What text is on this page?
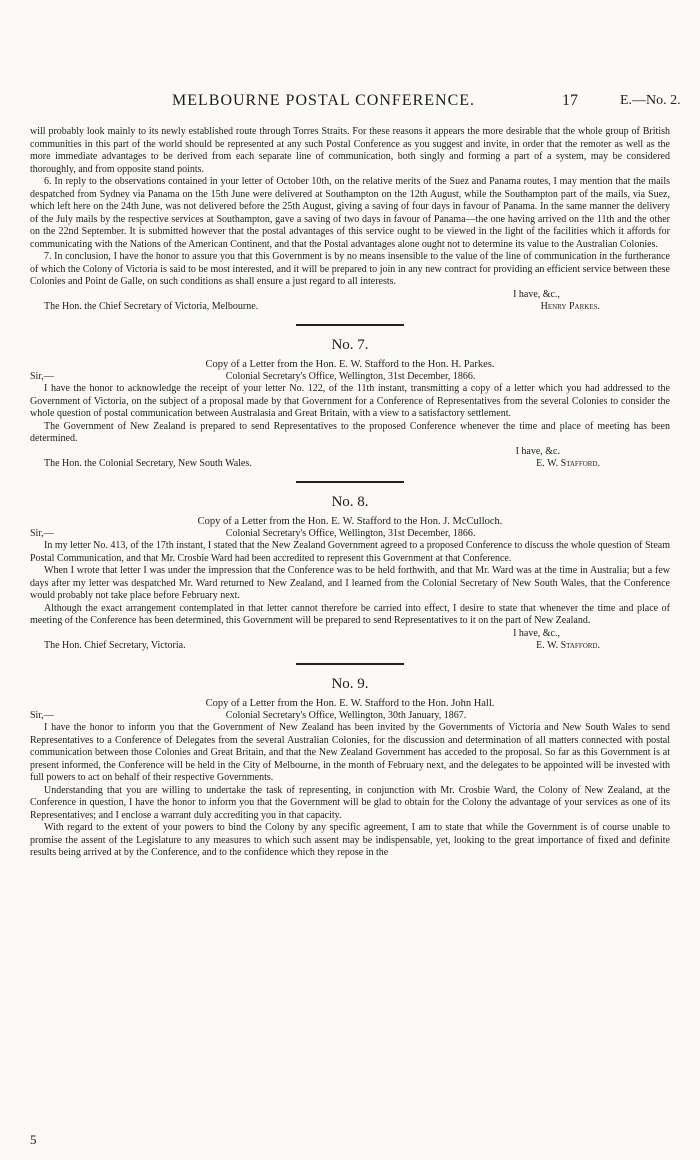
MELBOURNE POSTAL CONFERENCE.	17	E.—No. 2.

will probably look mainly to its newly established route through Torres Straits. For these reasons it appears the more desirable that the whole group of British communities in this part of the world should be represented at any such Postal Conference as you suggest and invite, in order that the remoter as well as the more immediate advantages to be derived from each separate line of communication, both singly and forming a part of a system, may be considered thoroughly, and from opposite stand points.

6. In reply to the observations contained in your letter of October 10th, on the relative merits of the Suez and Panama routes, I may mention that the mails despatched from Sydney via Panama on the 15th June were delivered at Southampton on the 12th August, while the Southampton part of the mails, via Suez, which left here on the 24th June, was not delivered before the 25th August, giving a saving of four days in favour of Panama. In the same manner the delivery of the July mails by the respective services at Southampton, gave a saving of two days in favour of Panama—the one having arrived on the 11th and the other on the 22nd September. It is submitted however that the postal advantages of this service ought to be viewed in the light of the facilities which it affords for communicating with the Nations of the American Continent, and that the Postal advantages alone ought not to determine its value to the Australian Colonies.

7. In conclusion, I have the honor to assure you that this Government is by no means insensible to the value of the line of communication in the furtherance of which the Colony of Victoria is said to be most interested, and it will be prepared to join in any new contract for providing an efficient service between these Colonies and Point de Galle, on such conditions as shall ensure a just regard to all interests.

I have, &c.,

The Hon. the Chief Secretary of Victoria, Melbourne.	Henry Parkes.
No. 7.
Copy of a Letter from the Hon. E. W. Stafford to the Hon. H. Parkes.
Sir,—	Colonial Secretary's Office, Wellington, 31st December, 1866.

I have the honor to acknowledge the receipt of your letter No. 122, of the 11th instant, transmitting a copy of a letter which you had addressed to the Government of Victoria, on the subject of a proposal made by that Government for a Conference of Representatives from the several Colonies to consider the whole question of postal communication between Australasia and Great Britain, with a view to a satisfactory settlement.

The Government of New Zealand is prepared to send Representatives to the proposed Conference whenever the time and place of meeting has been determined.

I have, &c.

The Hon. the Colonial Secretary, New South Wales.	E. W. Stafford.
No. 8.
Copy of a Letter from the Hon. E. W. Stafford to the Hon. J. McCulloch.
Sir,—	Colonial Secretary's Office, Wellington, 31st December, 1866.

In my letter No. 413, of the 17th instant, I stated that the New Zealand Government agreed to a proposed Conference to discuss the whole question of Steam Postal Communication, and that Mr. Crosbie Ward had been accredited to represent this Government at that Conference.

When I wrote that letter I was under the impression that the Conference was to be held forthwith, and that Mr. Ward was at the time in Australia; but a few days after my letter was despatched Mr. Ward returned to New Zealand, and I learned from the Colonial Secretary of New South Wales, that the Conference would probably not take place before February next.

Although the exact arrangement contemplated in that letter cannot therefore be carried into effect, I desire to state that whenever the time and place of meeting of the Conference has been determined, this Government will be prepared to send Representatives to it on the part of New Zealand.

I have, &c.,

The Hon. Chief Secretary, Victoria.	E. W. Stafford.
No. 9.
Copy of a Letter from the Hon. E. W. Stafford to the Hon. John Hall.
Sir,—	Colonial Secretary's Office, Wellington, 30th January, 1867.

I have the honor to inform you that the Government of New Zealand has been invited by the Governments of Victoria and New South Wales to send Representatives to a Conference of Delegates from the several Australian Colonies, for the discussion and determination of all matters connected with postal communication between those Colonies and Great Britain, and that the New Zealand Government has acceded to the proposal. So far as this Government is at present informed, the Conference will be held in the City of Melbourne, in the month of February next, and the delegates to be appointed will be invested with full powers to act on behalf of their respective Governments.

Understanding that you are willing to undertake the task of representing, in conjunction with Mr. Crosbie Ward, the Colony of New Zealand, at the Conference in question, I have the honor to inform you that the Government will be glad to obtain for the Colony the advantage of your services as one of its Representatives; and I enclose a warrant duly accrediting you in that capacity.

With regard to the extent of your powers to bind the Colony by any specific agreement, I am to state that while the Government is of course unable to promise the assent of the Legislature to any measures to which such assent may be indispensable, yet, looking to the great importance of fixed and definite results being arrived at by the Conference, and to the confidence which they repose in the

5
